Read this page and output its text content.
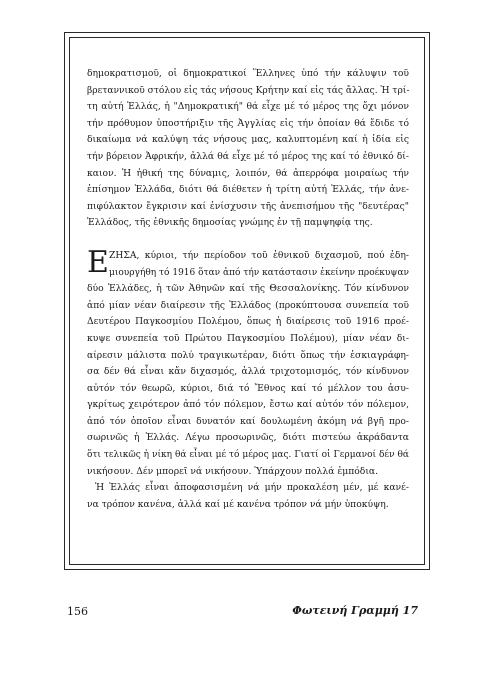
δημοκρατισμοῦ, οἱ δημοκρατικοί Ἕλληνες ὑπό τήν κάλυψιν τοῦ
βρεταννικοῦ στόλου εἰς τάς νήσους Κρήτην καί εἰς τάς ἄλλας. Ἡ τρί-
τη αὐτή Ἑλλάς, ἡ "Δημοκρατική" θά εἶχε μέ τό μέρος της ὄχι μόνον
τήν πρόθυμον ὑποστήριξιν τῆς Ἀγγλίας εἰς τήν ὁποίαν θά ἔδιδε τό
δικαίωμα νά καλύψη τάς νήσους μας, καλυπτομένη καί ἡ ἰδία εἰς
τήν βόρειον Ἀφρικήν, ἀλλά θά εἶχε μέ τό μέρος της καί τό ἐθνικό δί-
καιον. Ἡ ἠθική της δύναμις, λοιπόν, θά ἀπερρόφα μοιραίως τήν
ἐπίσημον Ἑλλάδα, διότι θά διέθετεν ἡ τρίτη αὐτή Ἑλλάς, τήν ἀνε-
πιφύλακτον ἔγκρισιν καί ἐνίσχυσιν τῆς ἀνεπισήμου τῆς "δευτέρας"
Ἑλλάδος, τῆς ἐθνικῆς δημοσίας γνώμης ἐν τῇ παμψηφίᾳ της.
Ε ΖΗΣΑ, κύριοι, τήν περίοδον τοῦ ἐθνικοῦ διχασμοῦ, πού ἐδη-
μιουργήθη τό 1916 ὅταν ἀπό τήν κατάστασιν ἐκείνην προέκυψαν
δύο Ἑλλάδες, ἡ τῶν Ἀθηνῶν καί τῆς Θεσσαλονίκης. Τόν κίνδυνον
ἀπό μίαν νέαν διαίρεσιν τῆς Ἑλλάδος (προκύπτουσα συνεπεία τοῦ
Δευτέρου Παγκοσμίου Πολέμου, ὅπως ἡ διαίρεσις τοῦ 1916 προέ-
κυψε συνεπεία τοῦ Πρώτου Παγκοσμίου Πολέμου), μίαν νέαν δι-
αίρεσιν μάλιστα πολύ τραγικωτέραν, διότι ὅπως τήν ἐσκιαγράφη-
σα δέν θά εἶναι κἄν διχασμός, ἀλλά τριχοτομισμός, τόν κίνδυνον
αὐτόν τόν θεωρῶ, κύριοι, διά τό Ἔθνος καί τό μέλλον του ἀσυ-
γκρίτως χειρότερον ἀπό τόν πόλεμον, ἔστω καί αὐτόν τόν πόλεμον,
ἀπό τόν ὁποῖον εἶναι δυνατόν καί δουλωμένη ἀκόμη νά βγῆ προ-
σωρινῶς ἡ Ἑλλάς. Λέγω προσωρινῶς, διότι πιστεύω ἀκράδαντα
ὅτι τελικῶς ἡ νίκη θά εἶναι μέ τό μέρος μας. Γιατί οἱ Γερμανοί δέν θά
νικήσουν. Δέν μπορεῖ νά νικήσουν. Ὑπάρχουν πολλά ἐμπόδια.
Ἡ Ἑλλάς εἶναι ἀποφασισμένη νά μήν προκαλέση μέν, μέ κανέ-
να τρόπον κανένα, ἀλλά καί μέ κανένα τρόπον νά μήν ὑποκύψη.
156	Φωτεινή Γραμμή 17
